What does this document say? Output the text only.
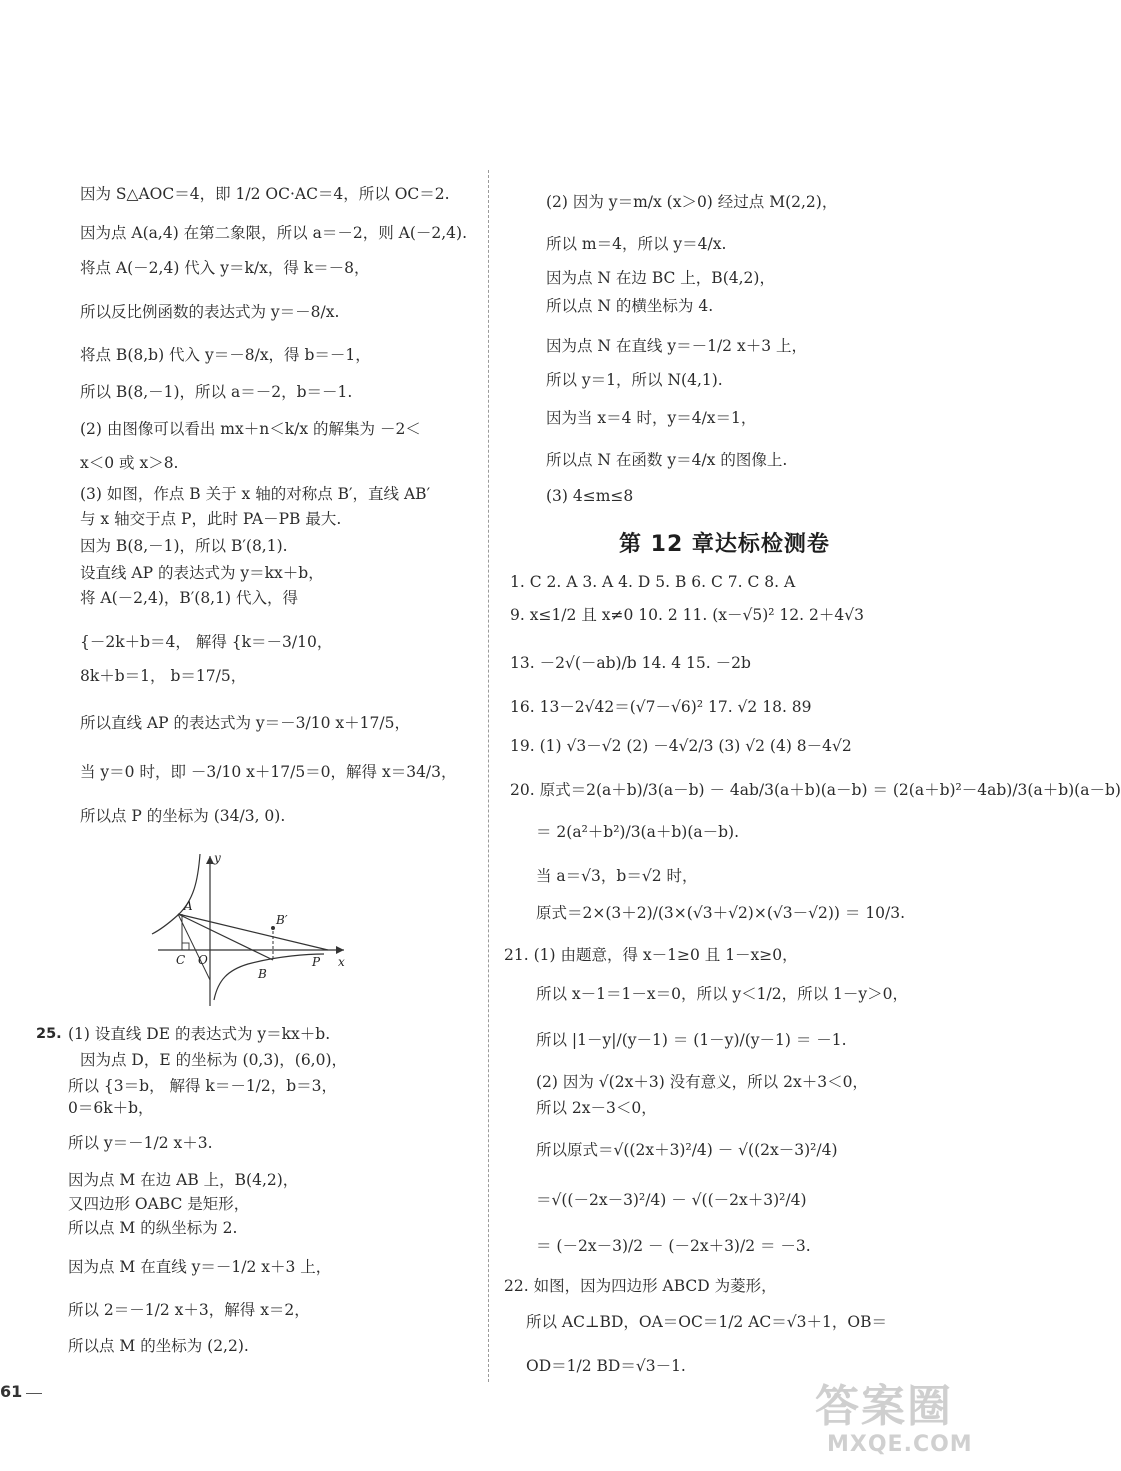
因为 S△AOC＝4，即 1/2 OC·AC＝4，所以 OC＝2.
因为点 A(a,4) 在第二象限，所以 a＝－2，则 A(－2,4).
将点 A(－2,4) 代入 y＝k/x，得 k＝－8，
所以反比例函数的表达式为 y＝－8/x.
将点 B(8,b) 代入 y＝－8/x，得 b＝－1，
所以 B(8,－1)，所以 a＝－2，b＝－1.
(2) 由图像可以看出 mx＋n＜k/x 的解集为 －2＜
x＜0 或 x＞8.
(3) 如图，作点 B 关于 x 轴的对称点 B′，直线 AB′
与 x 轴交于点 P，此时 PA－PB 最大.
因为 B(8,－1)，所以 B′(8,1).
设直线 AP 的表达式为 y＝kx＋b，
将 A(－2,4)，B′(8,1) 代入，得
{－2k＋b＝4， 解得 {k＝－3/10，
8k＋b＝1， b＝17/5，
所以直线 AP 的表达式为 y＝－3/10 x＋17/5，
当 y＝0 时，即 －3/10 x＋17/5＝0，解得 x＝34/3，
所以点 P 的坐标为 (34/3, 0).
y
x
A
B′
C O
B
P
25. (1) 设直线 DE 的表达式为 y＝kx＋b.
因为点 D，E 的坐标为 (0,3)，(6,0)，
所以 {3＝b， 解得 k＝－1/2，b＝3，
0＝6k＋b，
所以 y＝－1/2 x＋3.
因为点 M 在边 AB 上，B(4,2)，
又四边形 OABC 是矩形，
所以点 M 的纵坐标为 2.
因为点 M 在直线 y＝－1/2 x＋3 上，
所以 2＝－1/2 x＋3，解得 x＝2，
所以点 M 的坐标为 (2,2).
(2) 因为 y＝m/x (x＞0) 经过点 M(2,2)，
所以 m＝4，所以 y＝4/x.
因为点 N 在边 BC 上，B(4,2)，
所以点 N 的横坐标为 4.
因为点 N 在直线 y＝－1/2 x＋3 上，
所以 y＝1，所以 N(4,1).
因为当 x＝4 时，y＝4/x＝1，
所以点 N 在函数 y＝4/x 的图像上.
(3) 4≤m≤8
第 12 章达标检测卷
1. C 2. A 3. A 4. D 5. B 6. C 7. C 8. A
9. x≤1/2 且 x≠0 10. 2 11. (x－√5)² 12. 2＋4√3
13. －2√(－ab)/b 14. 4 15. －2b
16. 13－2√42＝(√7－√6)² 17. √2 18. 89
19. (1) √3－√2 (2) －4√2/3 (3) √2 (4) 8－4√2
20. 原式＝2(a＋b)/3(a－b) － 4ab/3(a＋b)(a－b) ＝ (2(a＋b)²－4ab)/3(a＋b)(a－b)
＝ 2(a²＋b²)/3(a＋b)(a－b).
当 a＝√3，b＝√2 时，
原式＝2×(3＋2)/(3×(√3＋√2)×(√3－√2)) ＝ 10/3.
21. (1) 由题意，得 x－1≥0 且 1－x≥0，
所以 x－1＝1－x＝0，所以 y＜1/2，所以 1－y＞0，
所以 |1－y|/(y－1) ＝ (1－y)/(y－1) ＝ －1.
(2) 因为 √(2x＋3) 没有意义，所以 2x＋3＜0，
所以 2x－3＜0，
所以原式＝√((2x＋3)²/4) － √((2x－3)²/4)
＝√((－2x－3)²/4) － √((－2x＋3)²/4)
＝ (－2x－3)/2 － (－2x＋3)/2 ＝ －3.
22. 如图，因为四边形 ABCD 为菱形，
所以 AC⊥BD，OA＝OC＝1/2 AC＝√3＋1，OB＝
OD＝1/2 BD＝√3－1.
61	答案圈
MXQE.COM
